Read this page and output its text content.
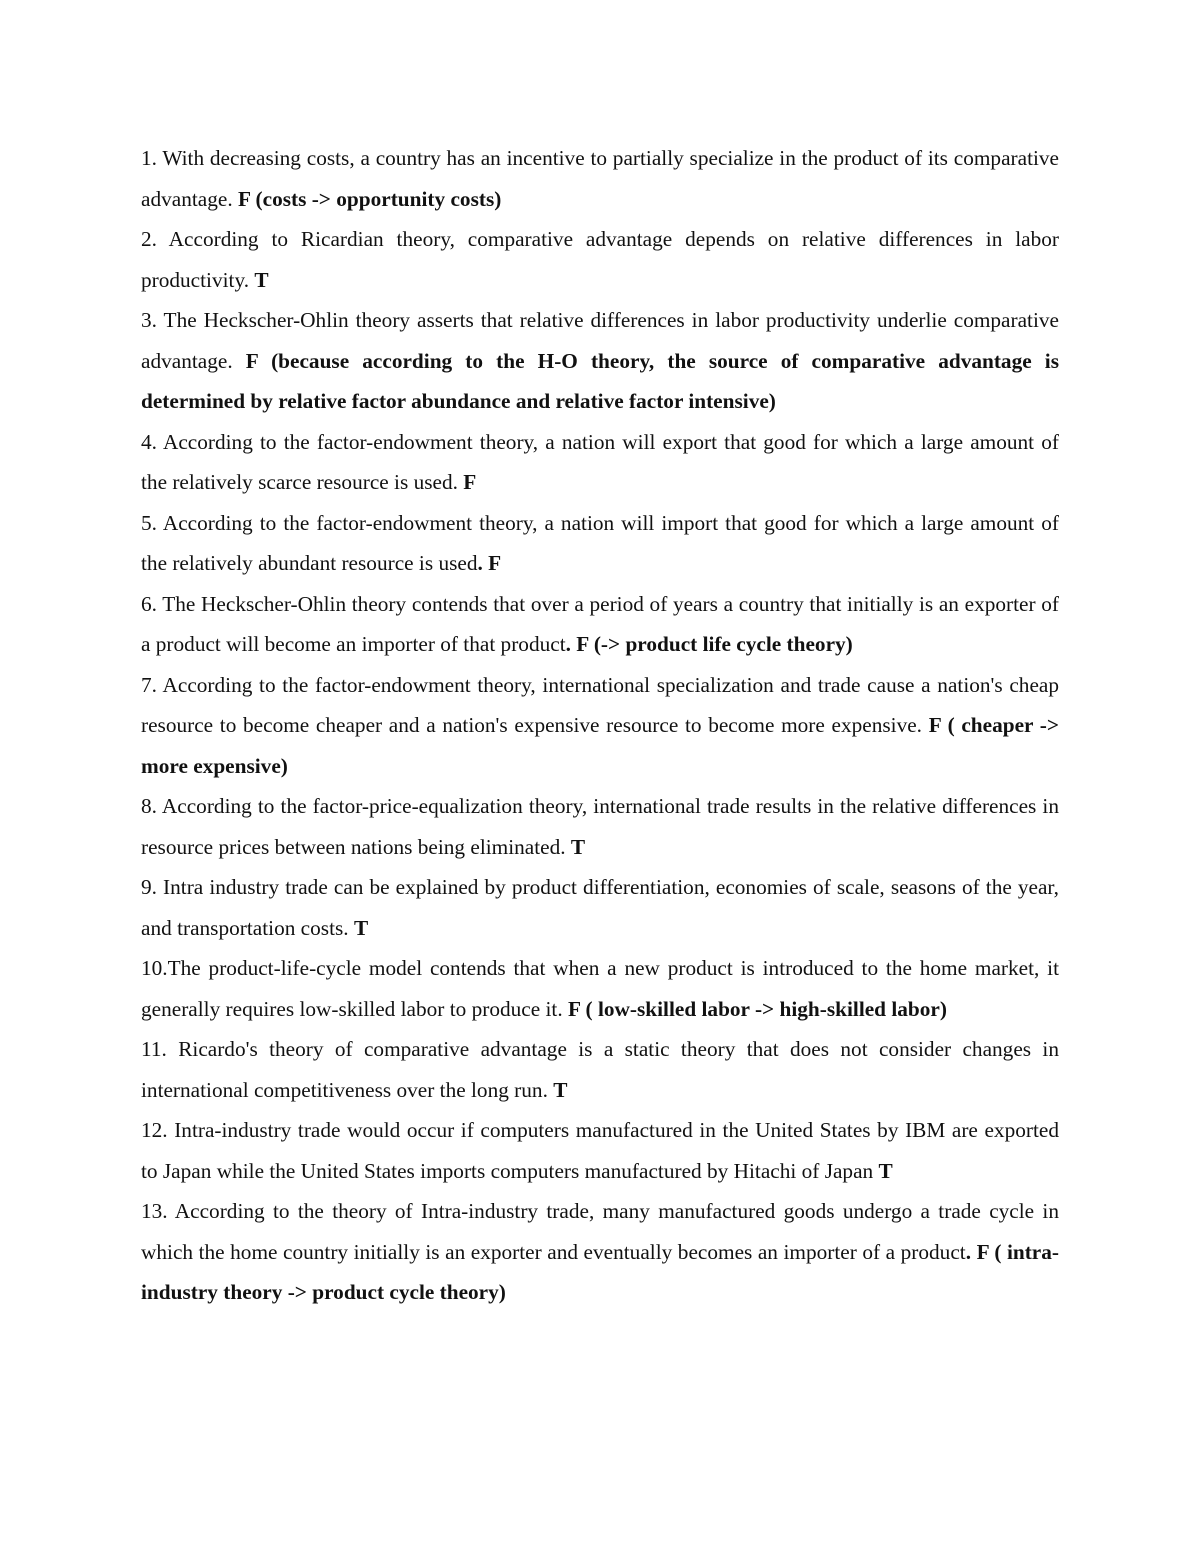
1. With decreasing costs, a country has an incentive to partially specialize in the product of its comparative advantage. F (costs -> opportunity costs)

2. According to Ricardian theory, comparative advantage depends on relative differences in labor productivity. T

3. The Heckscher-Ohlin theory asserts that relative differences in labor productivity underlie comparative advantage. F (because according to the H-O theory, the source of comparative advantage is determined by relative factor abundance and relative factor intensive)

4. According to the factor-endowment theory, a nation will export that good for which a large amount of the relatively scarce resource is used. F

5. According to the factor-endowment theory, a nation will import that good for which a large amount of the relatively abundant resource is used. F

6. The Heckscher-Ohlin theory contends that over a period of years a country that initially is an exporter of a product will become an importer of that product. F (-> product life cycle theory)

7. According to the factor-endowment theory, international specialization and trade cause a nation's cheap resource to become cheaper and a nation's expensive resource to become more expensive. F ( cheaper -> more expensive)

8. According to the factor-price-equalization theory, international trade results in the relative differences in resource prices between nations being eliminated. T

9. Intra industry trade can be explained by product differentiation, economies of scale, seasons of the year, and transportation costs. T

10.The product-life-cycle model contends that when a new product is introduced to the home market, it generally requires low-skilled labor to produce it. F ( low-skilled labor -> high-skilled labor)

11. Ricardo's theory of comparative advantage is a static theory that does not consider changes in international competitiveness over the long run. T

12. Intra-industry trade would occur if computers manufactured in the United States by IBM are exported to Japan while the United States imports computers manufactured by Hitachi of Japan T

13. According to the theory of Intra-industry trade, many manufactured goods undergo a trade cycle in which the home country initially is an exporter and eventually becomes an importer of a product. F ( intra-industry theory -> product cycle theory)
